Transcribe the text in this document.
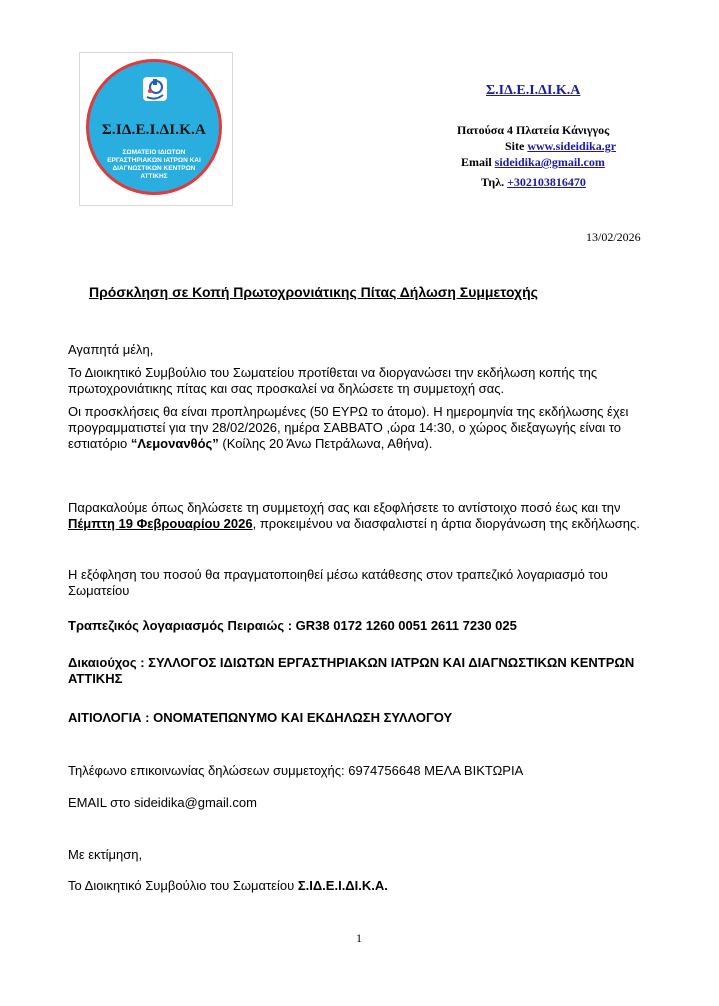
Σ.ΙΔ.Ε.Ι.ΔΙ.Κ.Α
ΣΩΜΑΤΕΙΟ ΙΔΙΩΤΩΝ ΕΡΓΑΣΤΗΡΙΑΚΩΝ ΙΑΤΡΩΝ ΚΑΙ ΔΙΑΓΝΩΣΤΙΚΩΝ ΚΕΝΤΡΩΝ ΑΤΤΙΚΗΣ
Σ.ΙΔ.Ε.Ι.ΔΙ.Κ.Α
Πατούσα 4 Πλατεία Κάνιγγος
Site www.sideidika.gr
Email sideidika@gmail.com
Τηλ. +302103816470
13/02/2026
Πρόσκληση σε Κοπή Πρωτοχρονιάτικης Πίτας Δήλωση Συμμετοχής
Αγαπητά μέλη,
Το Διοικητικό Συμβούλιο του Σωματείου προτίθεται να διοργανώσει την εκδήλωση κοπής της πρωτοχρονιάτικης πίτας και σας προσκαλεί να δηλώσετε τη συμμετοχή σας.
Οι προσκλήσεις θα είναι προπληρωμένες (50 ΕΥΡΩ το άτομο). Η ημερομηνία της εκδήλωσης έχει προγραμματιστεί για την 28/02/2026, ημέρα ΣΑΒΒΑΤΟ ,ώρα 14:30, ο χώρος διεξαγωγής είναι το εστιατόριο “Λεμονανθός” (Κοίλης 20 Άνω Πετράλωνα, Αθήνα).
Παρακαλούμε όπως δηλώσετε τη συμμετοχή σας και εξοφλήσετε το αντίστοιχο ποσό έως και την Πέμπτη 19 Φεβρουαρίου 2026, προκειμένου να διασφαλιστεί η άρτια διοργάνωση της εκδήλωσης.
Η εξόφληση του ποσού θα πραγματοποιηθεί μέσω κατάθεσης στον τραπεζικό λογαριασμό του Σωματείου
Τραπεζικός λογαριασμός Πειραιώς : GR38 0172 1260 0051 2611 7230 025
Δικαιούχος : ΣΥΛΛΟΓΟΣ ΙΔΙΩΤΩΝ ΕΡΓΑΣΤΗΡΙΑΚΩΝ ΙΑΤΡΩΝ ΚΑΙ ΔΙΑΓΝΩΣΤΙΚΩΝ ΚΕΝΤΡΩΝ ΑΤΤΙΚΗΣ
ΑΙΤΙΟΛΟΓΙΑ : ΟΝΟΜΑΤΕΠΩΝΥΜΟ ΚΑΙ ΕΚΔΗΛΩΣΗ ΣΥΛΛΟΓΟΥ
Τηλέφωνο επικοινωνίας δηλώσεων συμμετοχής: 6974756648 ΜΕΛΑ ΒΙΚΤΩΡΙΑ
EMAIL στο sideidika@gmail.com
Με εκτίμηση,
Το Διοικητικό Συμβούλιο του Σωματείου Σ.ΙΔ.Ε.Ι.ΔΙ.Κ.Α.
1
